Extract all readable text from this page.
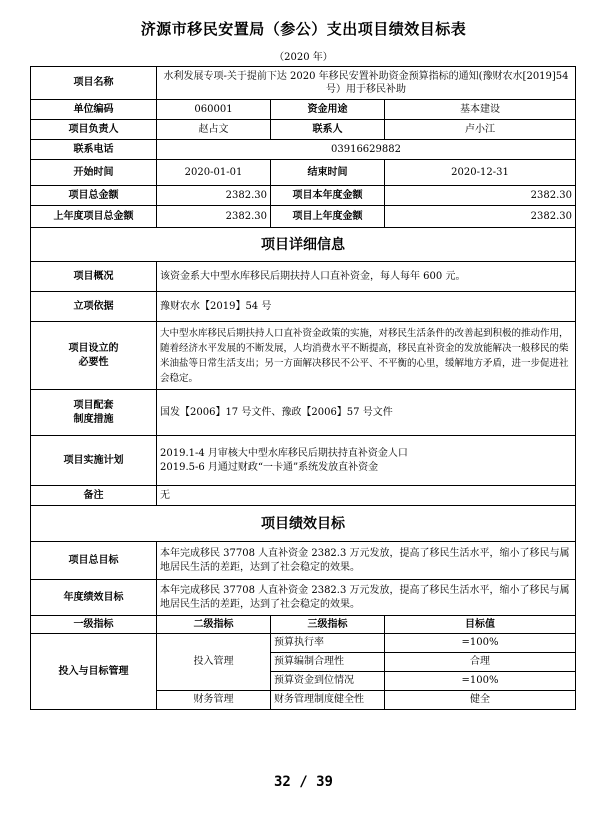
济源市移民安置局（参公）支出项目绩效目标表
（2020 年）
项目名称	水利发展专项-关于提前下达 2020 年移民安置补助资金预算指标的通知(豫财农水[2019]54 号）用于移民补助		
单位编码	060001	资金用途	基本建设
项目负责人	赵占文	联系人	卢小江
联系电话	03916629882		
开始时间	2020-01-01	结束时间	2020-12-31
项目总金额	2382.30	项目本年度金额	2382.30
上年度项目总金额	2382.30	项目上年度金额	2382.30
项目详细信息			
项目概况	该资金系大中型水库移民后期扶持人口直补资金，每人每年 600 元。		
立项依据	豫财农水【2019】54 号		

项目设立的
必要性	大中型水库移民后期扶持人口直补资金政策的实施，对移民生活条件的改善起到积极的推动作用，随着经济水平发展的不断发展，人均消费水平不断提高，移民直补资金的发放能解决一般移民的柴米油盐等日常生活支出；另一方面解决移民不公平、不平衡的心里，缓解地方矛盾，进一步促进社会稳定。		

项目配套
制度措施	国发【2006】17 号文件、豫政【2006】57 号文件		
项目实施计划	2019.1-4 月审核大中型水库移民后期扶持直补资金人口
2019.5-6 月通过财政“一卡通”系统发放直补资金		

备注	无		
项目绩效目标			
项目总目标	本年完成移民 37708 人直补资金 2382.3 万元发放，提高了移民生活水平，缩小了移民与属地居民生活的差距，达到了社会稳定的效果。		
年度绩效目标	本年完成移民 37708 人直补资金 2382.3 万元发放，提高了移民生活水平，缩小了移民与属地居民生活的差距，达到了社会稳定的效果。		
一级指标	二级指标	三级指标	目标值
投入与目标管理	投入管理	预算执行率	=100%
		预算编制合理性	合理
		预算资金到位情况	=100%
	财务管理	财务管理制度健全性	健全
32 / 39
